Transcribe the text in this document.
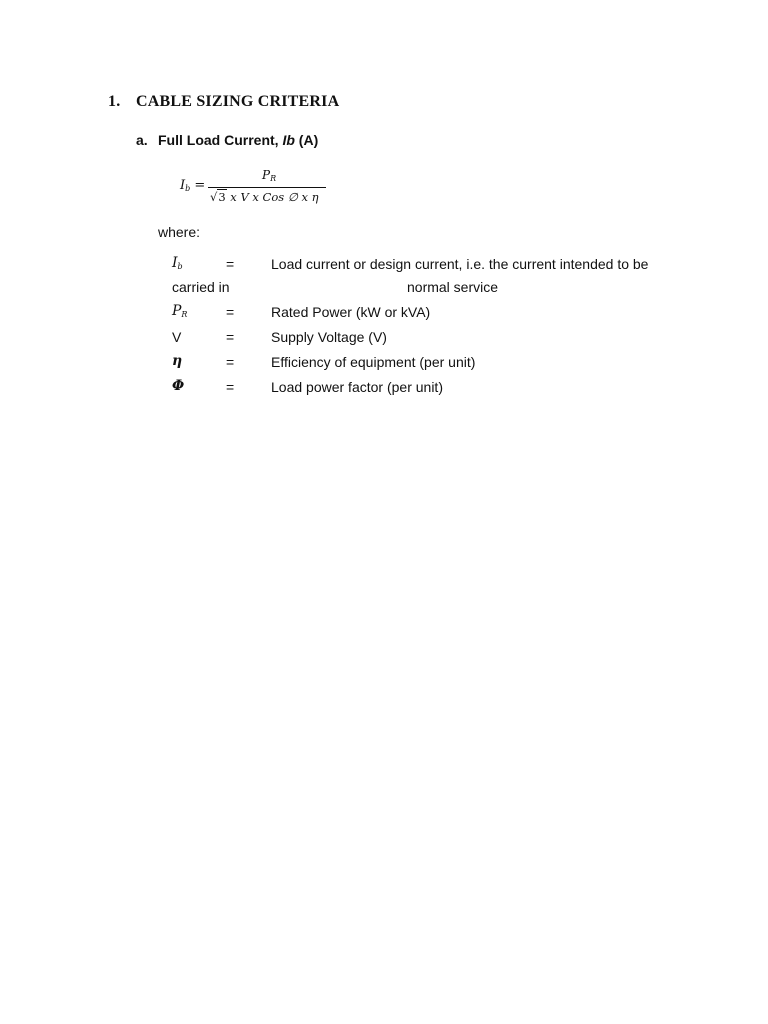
1. CABLE SIZING CRITERIA
a. Full Load Current, Ib (A)
$I_b$ =
$P_R$
√3 x V x Cos ∅ x η
where:
$I_b$	=	Load current or design current, i.e. the current intended to be
carried in	normal service
$P_R$	=	Rated Power (kW or kVA)
V	=	Supply Voltage (V)
η	=	Efficiency of equipment (per unit)
Φ	=	Load power factor (per unit)
